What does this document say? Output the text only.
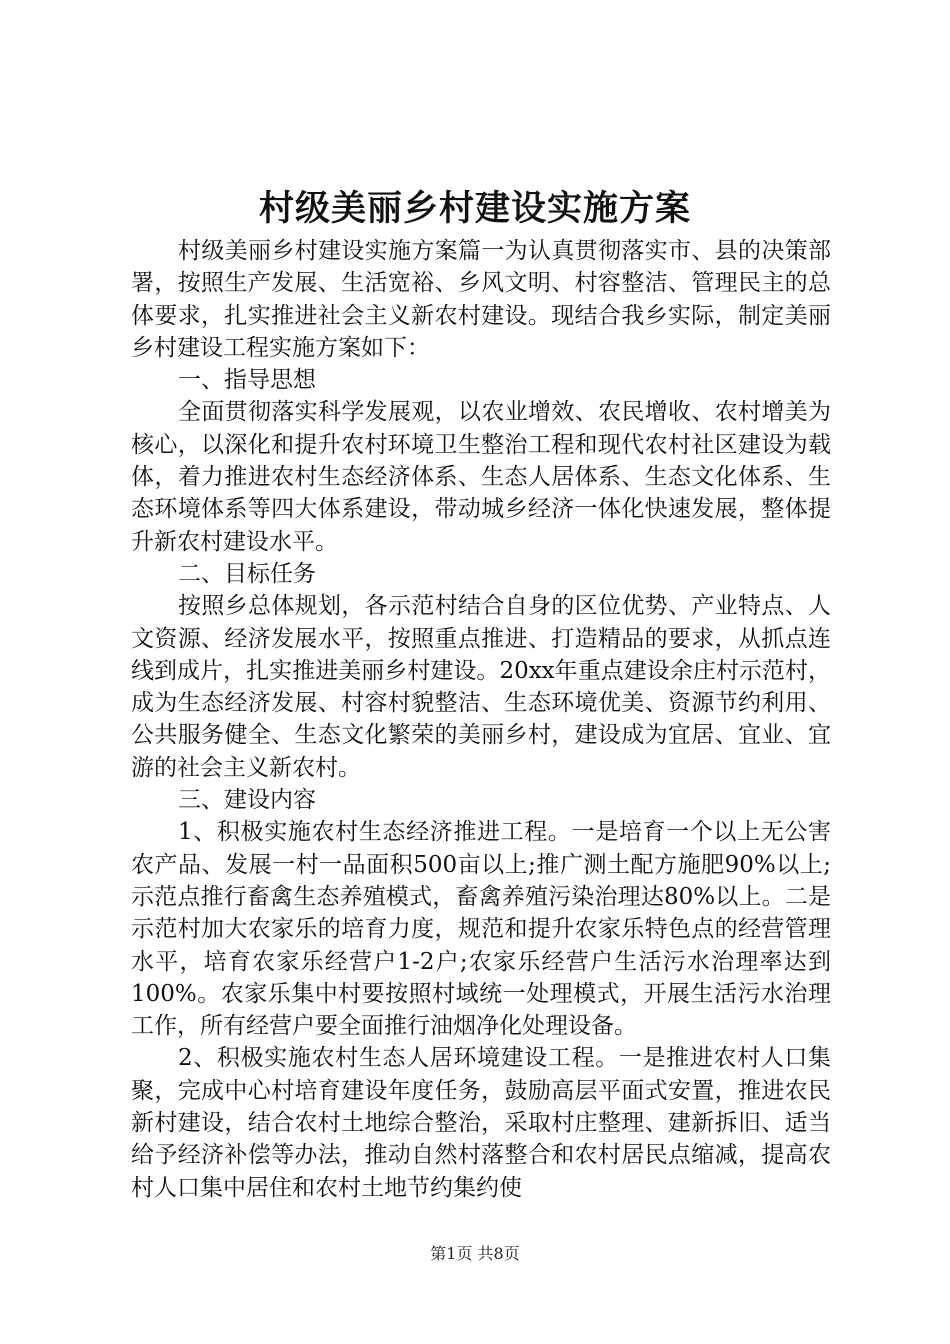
村级美丽乡村建设实施方案

村级美丽乡村建设实施方案篇一为认真贯彻落实市、县的决策部署，按照生产发展、生活宽裕、乡风文明、村容整洁、管理民主的总体要求，扎实推进社会主义新农村建设。现结合我乡实际，制定美丽乡村建设工程实施方案如下：

一、指导思想

全面贯彻落实科学发展观，以农业增效、农民增收、农村增美为核心，以深化和提升农村环境卫生整治工程和现代农村社区建设为载体，着力推进农村生态经济体系、生态人居体系、生态文化体系、生态环境体系等四大体系建设，带动城乡经济一体化快速发展，整体提升新农村建设水平。

二、目标任务

按照乡总体规划，各示范村结合自身的区位优势、产业特点、人文资源、经济发展水平，按照重点推进、打造精品的要求，从抓点连线到成片，扎实推进美丽乡村建设。20xx年重点建设余庄村示范村，成为生态经济发展、村容村貌整洁、生态环境优美、资源节约利用、公共服务健全、生态文化繁荣的美丽乡村，建设成为宜居、宜业、宜游的社会主义新农村。

三、建设内容

1、积极实施农村生态经济推进工程。一是培育一个以上无公害农产品、发展一村一品面积500亩以上;推广测土配方施肥90%以上;示范点推行畜禽生态养殖模式，畜禽养殖污染治理达80%以上。二是示范村加大农家乐的培育力度，规范和提升农家乐特色点的经营管理水平，培育农家乐经营户1-2户;农家乐经营户生活污水治理率达到100%。农家乐集中村要按照村域统一处理模式，开展生活污水治理工作，所有经营户要全面推行油烟净化处理设备。

2、积极实施农村生态人居环境建设工程。一是推进农村人口集聚，完成中心村培育建设年度任务，鼓励高层平面式安置，推进农民新村建设，结合农村土地综合整治，采取村庄整理、建新拆旧、适当给予经济补偿等办法，推动自然村落整合和农村居民点缩减，提高农村人口集中居住和农村土地节约集约使

第1页 共8页
